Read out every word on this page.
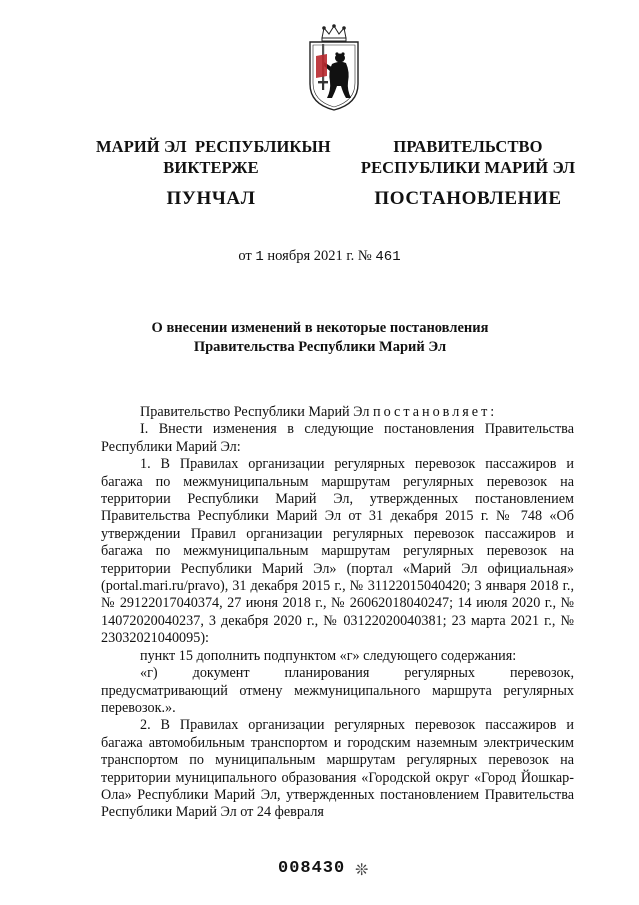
МАРИЙ ЭЛ  РЕСПУБЛИКЫН
ВИКТЕРЖЕ
ПУНЧАЛ
ПРАВИТЕЛЬСТВО
РЕСПУБЛИКИ МАРИЙ ЭЛ
ПОСТАНОВЛЕНИЕ
от 1 ноября 2021 г. № 461
О внесении изменений в некоторые постановления
Правительства Республики Марий Эл

Правительство Республики Марий Эл постановляет:

I. Внести изменения в следующие постановления Правительства Республики Марий Эл:

1. В Правилах организации регулярных перевозок пассажиров и багажа по межмуниципальным маршрутам регулярных перевозок на территории Республики Марий Эл, утвержденных постановлением Правительства Республики Марий Эл от 31 декабря 2015 г. № 748 «Об утверждении Правил организации регулярных перевозок пассажиров и багажа по межмуниципальным маршрутам регулярных перевозок на территории Республики Марий Эл» (портал «Марий Эл официальная» (portal.mari.ru/pravo), 31 декабря 2015 г., № 31122015040420; 3 января 2018 г., № 29122017040374, 27 июня 2018 г., № 26062018040247; 14 июля 2020 г., № 14072020040237, 3 декабря 2020 г., № 03122020040381; 23 марта 2021 г., № 23032021040095):

пункт 15 дополнить подпунктом «г» следующего содержания:

«г) документ планирования регулярных перевозок, предусматривающий отмену межмуниципального маршрута регулярных перевозок.».

2. В Правилах организации регулярных перевозок пассажиров и багажа автомобильным транспортом и городским наземным электрическим транспортом по муниципальным маршрутам регулярных перевозок на территории муниципального образования «Городской округ «Город Йошкар-Ола» Республики Марий Эл, утвержденных постановлением Правительства Республики Марий Эл от 24 февраля

008430 ❊
